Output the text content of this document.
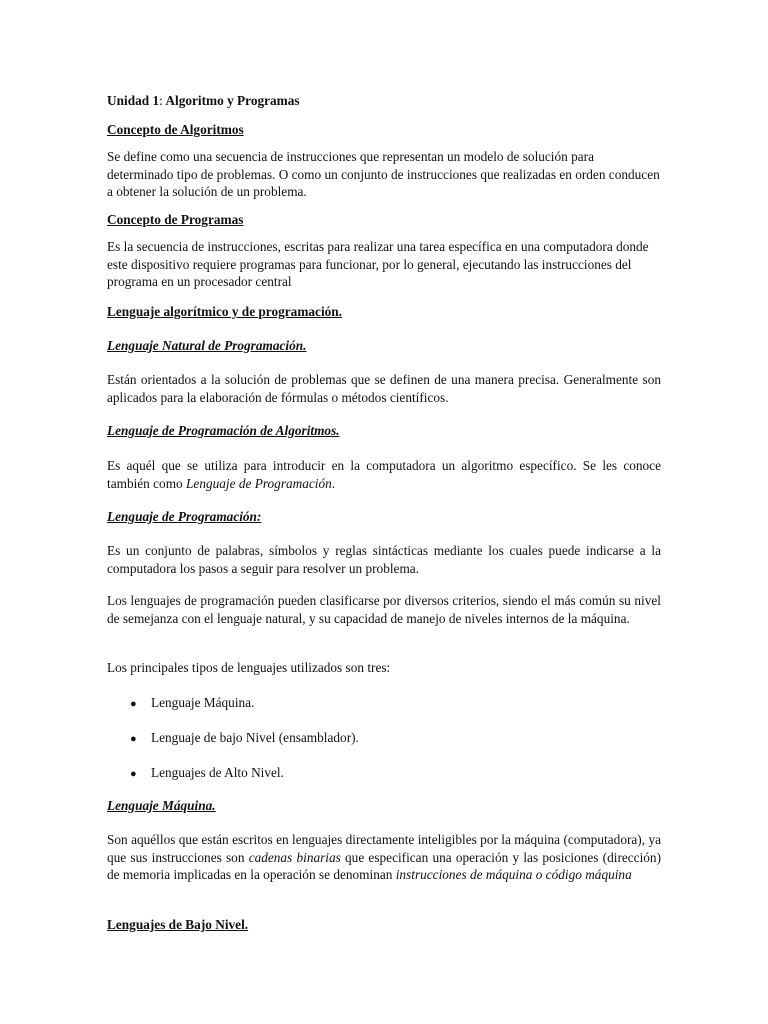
Unidad 1: Algoritmo y Programas
Concepto de Algoritmos
Se define como una secuencia de instrucciones que representan un modelo de solución para determinado tipo de problemas. O como un conjunto de instrucciones que realizadas en orden conducen a obtener la solución de un problema.
Concepto de Programas
Es la secuencia de instrucciones, escritas para realizar una tarea específica en una computadora donde este dispositivo requiere programas para funcionar, por lo general, ejecutando las instrucciones del programa en un procesador central
Lenguaje algorítmico y de programación.
Lenguaje Natural de Programación.
Están orientados a la solución de problemas que se definen de una manera precisa. Generalmente son aplicados para la elaboración de fórmulas o métodos científicos.
Lenguaje de Programación de Algoritmos.
Es aquél que se utiliza para introducir en la computadora un algoritmo específico. Se les conoce también como Lenguaje de Programación.
Lenguaje de Programación:
Es un conjunto de palabras, símbolos y reglas sintácticas mediante los cuales puede indicarse a la computadora los pasos a seguir para resolver un problema.
Los lenguajes de programación pueden clasificarse por diversos criterios, siendo el más común su nivel de semejanza con el lenguaje natural, y su capacidad de manejo de niveles internos de la máquina.
Los principales tipos de lenguajes utilizados son tres:
● Lenguaje Máquina.
● Lenguaje de bajo Nivel (ensamblador).
● Lenguajes de Alto Nivel.
Lenguaje Máquina.
Son aquéllos que están escritos en lenguajes directamente inteligibles por la máquina (computadora), ya que sus instrucciones son cadenas binarias que especifican una operación y las posiciones (dirección) de memoria implicadas en la operación se denominan instrucciones de máquina o código máquina
Lenguajes de Bajo Nivel.
